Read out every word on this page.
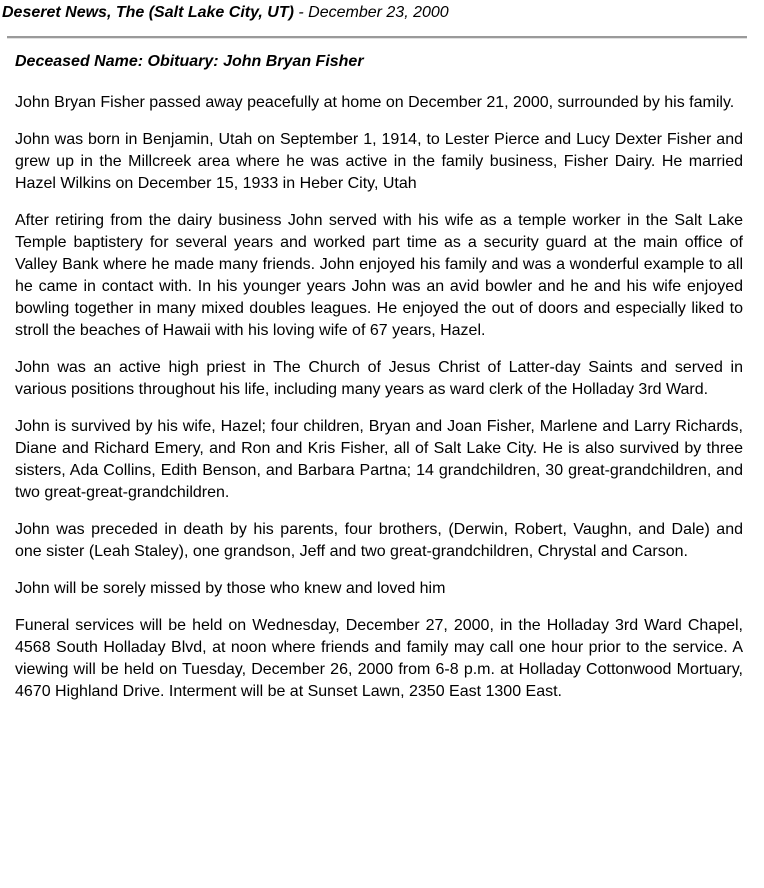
Deseret News, The (Salt Lake City, UT) - December 23, 2000
Deceased Name: Obituary: John Bryan Fisher

John Bryan Fisher passed away peacefully at home on December 21, 2000, surrounded by his family.

John was born in Benjamin, Utah on September 1, 1914, to Lester Pierce and Lucy Dexter Fisher and grew up in the Millcreek area where he was active in the family business, Fisher Dairy. He married Hazel Wilkins on December 15, 1933 in Heber City, Utah

After retiring from the dairy business John served with his wife as a temple worker in the Salt Lake Temple baptistery for several years and worked part time as a security guard at the main office of Valley Bank where he made many friends. John enjoyed his family and was a wonderful example to all he came in contact with. In his younger years John was an avid bowler and he and his wife enjoyed bowling together in many mixed doubles leagues. He enjoyed the out of doors and especially liked to stroll the beaches of Hawaii with his loving wife of 67 years, Hazel.

John was an active high priest in The Church of Jesus Christ of Latter-day Saints and served in various positions throughout his life, including many years as ward clerk of the Holladay 3rd Ward.

John is survived by his wife, Hazel; four children, Bryan and Joan Fisher, Marlene and Larry Richards, Diane and Richard Emery, and Ron and Kris Fisher, all of Salt Lake City. He is also survived by three sisters, Ada Collins, Edith Benson, and Barbara Partna; 14 grandchildren, 30 great-grandchildren, and two great-great-grandchildren.

John was preceded in death by his parents, four brothers, (Derwin, Robert, Vaughn, and Dale) and one sister (Leah Staley), one grandson, Jeff and two great-grandchildren, Chrystal and Carson.

John will be sorely missed by those who knew and loved him

Funeral services will be held on Wednesday, December 27, 2000, in the Holladay 3rd Ward Chapel, 4568 South Holladay Blvd, at noon where friends and family may call one hour prior to the service. A viewing will be held on Tuesday, December 26, 2000 from 6-8 p.m. at Holladay Cottonwood Mortuary, 4670 Highland Drive. Interment will be at Sunset Lawn, 2350 East 1300 East.
